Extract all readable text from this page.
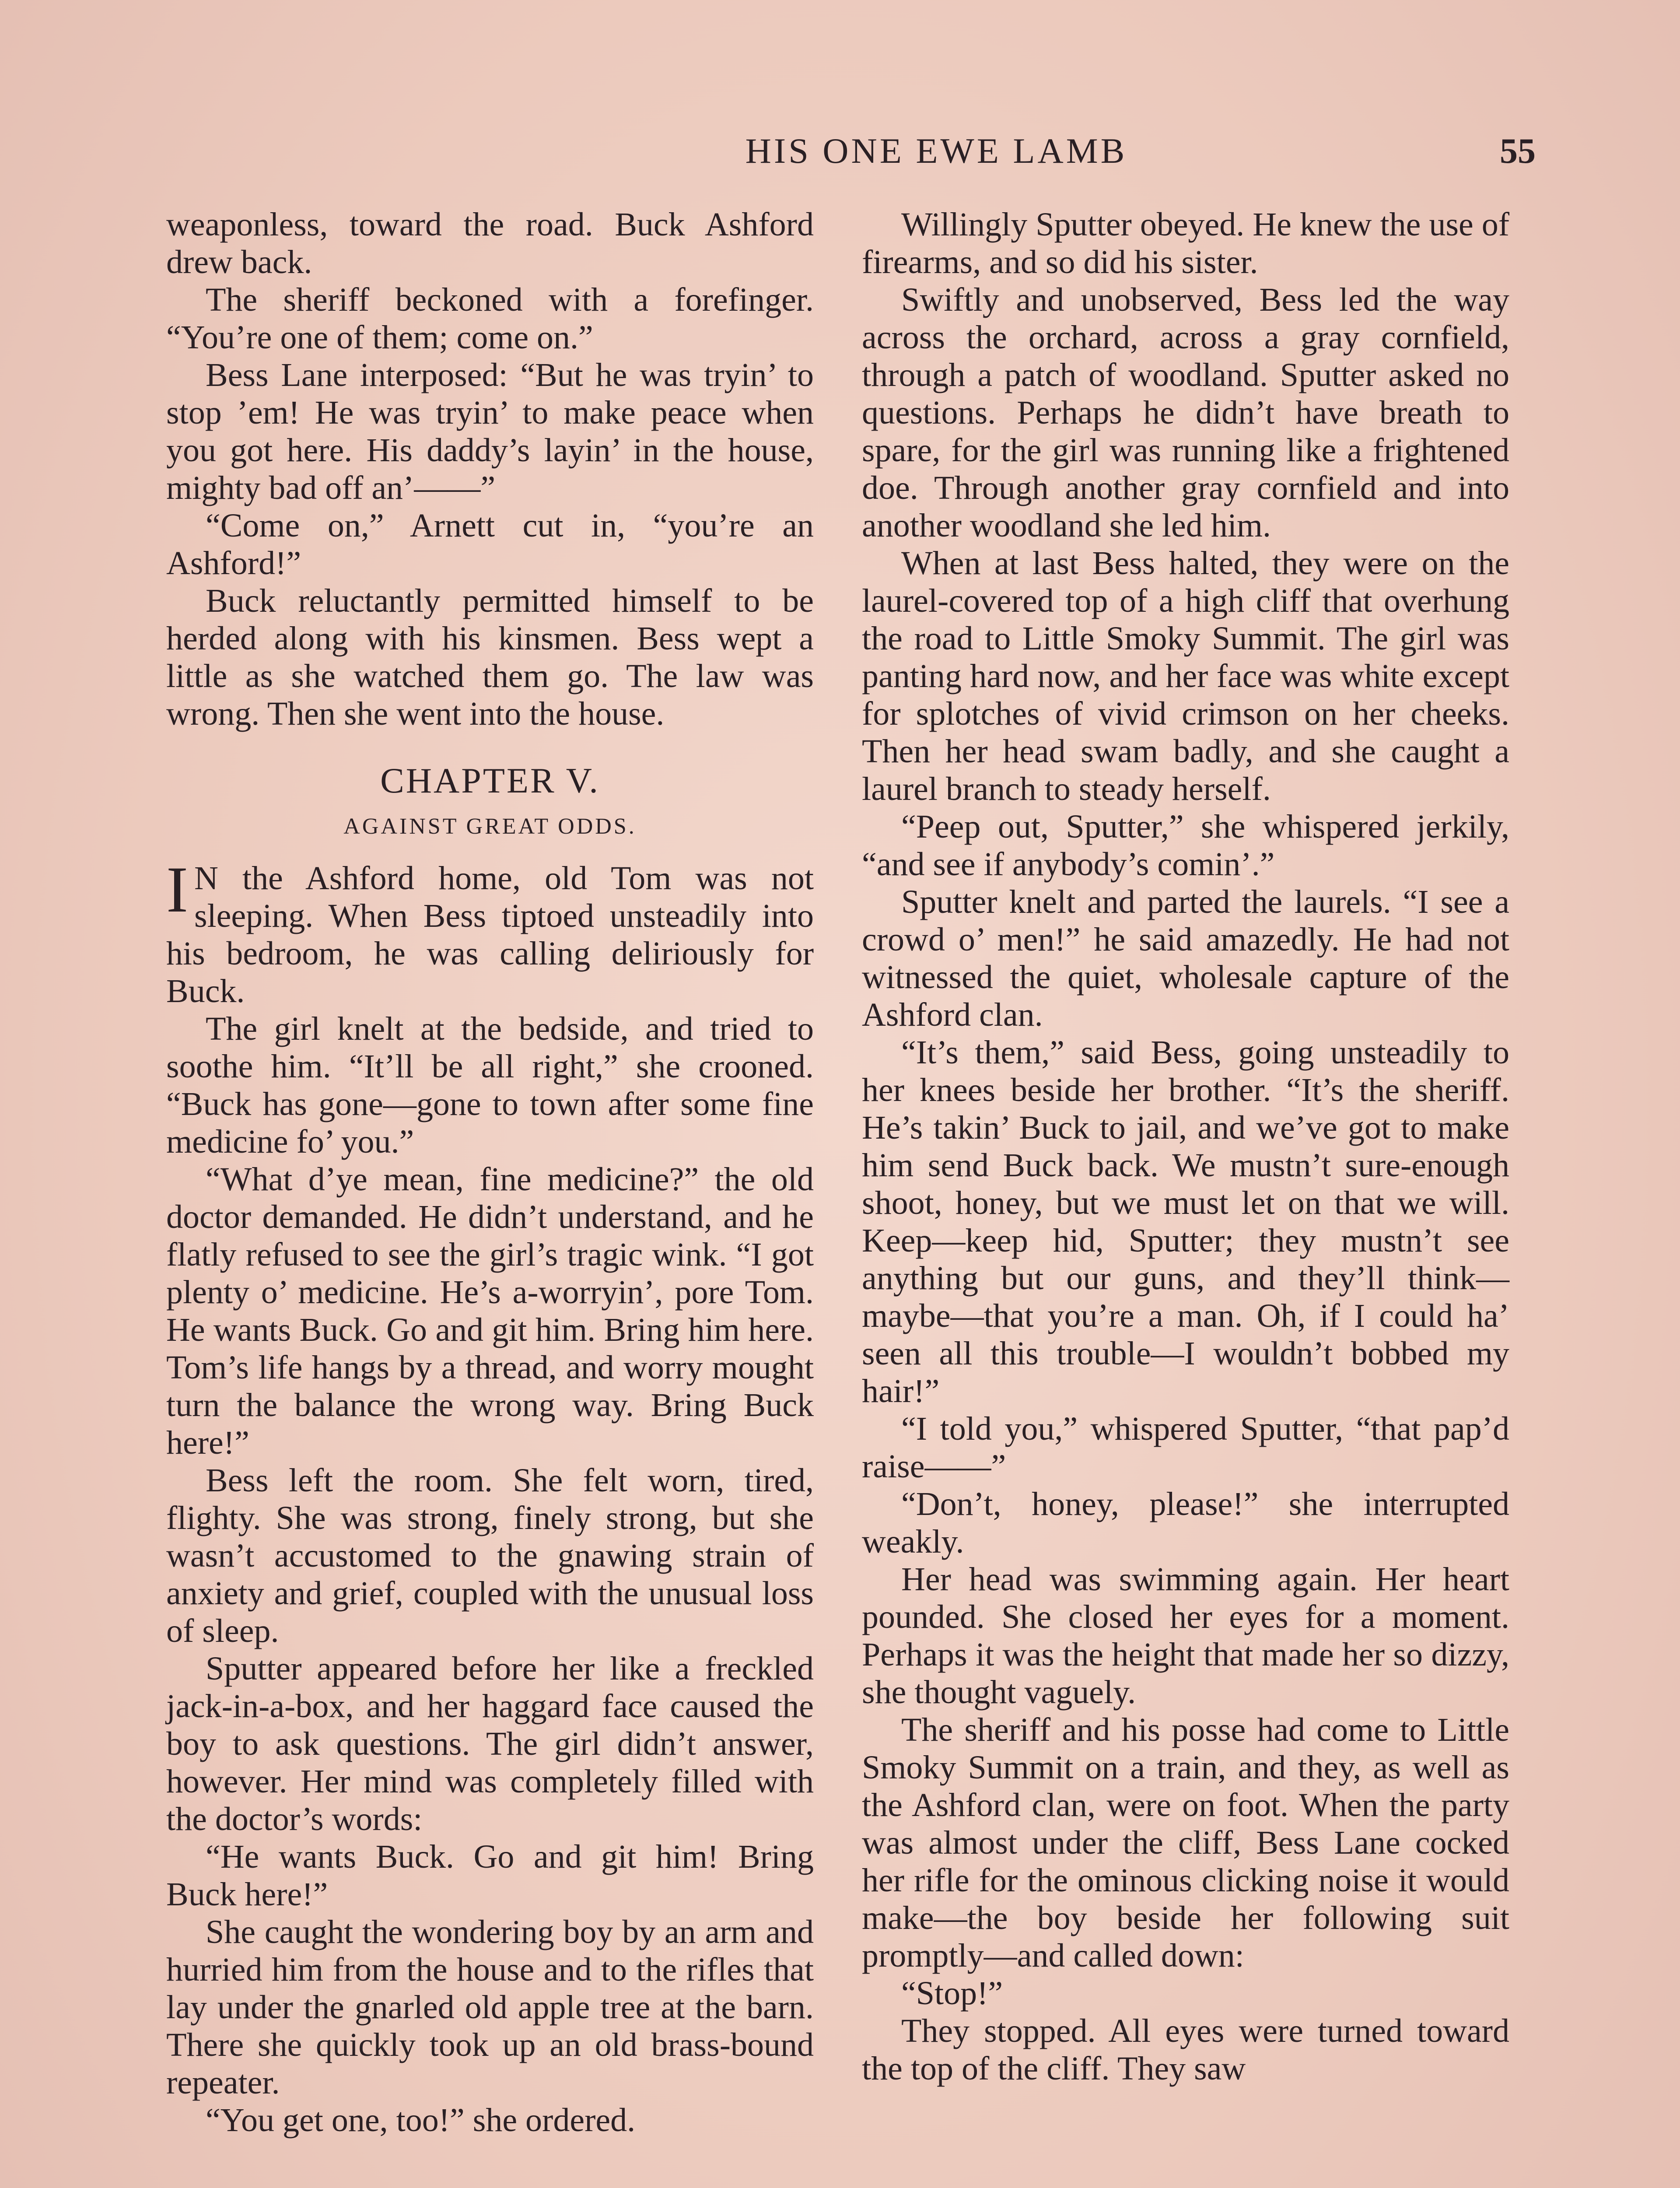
HIS ONE EWE LAMB	55

weaponless, toward the road. Buck Ashford drew back.

The sheriff beckoned with a forefinger. “You’re one of them; come on.”

Bess Lane interposed: “But he was tryin’ to stop ’em! He was tryin’ to make peace when you got here. His daddy’s layin’ in the house, mighty bad off an’——”

“Come on,” Arnett cut in, “you’re an Ashford!”

Buck reluctantly permitted himself to be herded along with his kinsmen. Bess wept a little as she watched them go. The law was wrong. Then she went into the house.

CHAPTER V.
AGAINST GREAT ODDS.

I N the Ashford home, old Tom was not sleeping. When Bess tiptoed unsteadily into his bedroom, he was calling deliriously for Buck.

The girl knelt at the bedside, and tried to soothe him. “It’ll be all right,” she crooned. “Buck has gone—gone to town after some fine medicine fo’ you.”

“What d’ye mean, fine medicine?” the old doctor demanded. He didn’t understand, and he flatly refused to see the girl’s tragic wink. “I got plenty o’ medicine. He’s a-worryin’, pore Tom. He wants Buck. Go and git him. Bring him here. Tom’s life hangs by a thread, and worry mought turn the balance the wrong way. Bring Buck here!”

Bess left the room. She felt worn, tired, flighty. She was strong, finely strong, but she wasn’t accustomed to the gnawing strain of anxiety and grief, coupled with the unusual loss of sleep.

Sputter appeared before her like a freckled jack-in-a-box, and her haggard face caused the boy to ask questions. The girl didn’t answer, however. Her mind was completely filled with the doctor’s words:

“He wants Buck. Go and git him! Bring Buck here!”

She caught the wondering boy by an arm and hurried him from the house and to the rifles that lay under the gnarled old apple tree at the barn. There she quickly took up an old brass-bound repeater.

“You get one, too!” she ordered.

Willingly Sputter obeyed. He knew the use of firearms, and so did his sister.

Swiftly and unobserved, Bess led the way across the orchard, across a gray cornfield, through a patch of woodland. Sputter asked no questions. Perhaps he didn’t have breath to spare, for the girl was running like a frightened doe. Through another gray cornfield and into another woodland she led him.

When at last Bess halted, they were on the laurel-covered top of a high cliff that overhung the road to Little Smoky Summit. The girl was panting hard now, and her face was white except for splotches of vivid crimson on her cheeks. Then her head swam badly, and she caught a laurel branch to steady herself.

“Peep out, Sputter,” she whispered jerkily, “and see if anybody’s comin’.”

Sputter knelt and parted the laurels. “I see a crowd o’ men!” he said amazedly. He had not witnessed the quiet, wholesale capture of the Ashford clan.

“It’s them,” said Bess, going unsteadily to her knees beside her brother. “It’s the sheriff. He’s takin’ Buck to jail, and we’ve got to make him send Buck back. We mustn’t sure-enough shoot, honey, but we must let on that we will. Keep—keep hid, Sputter; they mustn’t see anything but our guns, and they’ll think—maybe—that you’re a man. Oh, if I could ha’ seen all this trouble—I wouldn’t bobbed my hair!”

“I told you,” whispered Sputter, “that pap’d raise——”

“Don’t, honey, please!” she interrupted weakly.

Her head was swimming again. Her heart pounded. She closed her eyes for a moment. Perhaps it was the height that made her so dizzy, she thought vaguely.

The sheriff and his posse had come to Little Smoky Summit on a train, and they, as well as the Ashford clan, were on foot. When the party was almost under the cliff, Bess Lane cocked her rifle for the ominous clicking noise it would make—the boy beside her following suit promptly—and called down:

“Stop!”

They stopped. All eyes were turned toward the top of the cliff. They saw
